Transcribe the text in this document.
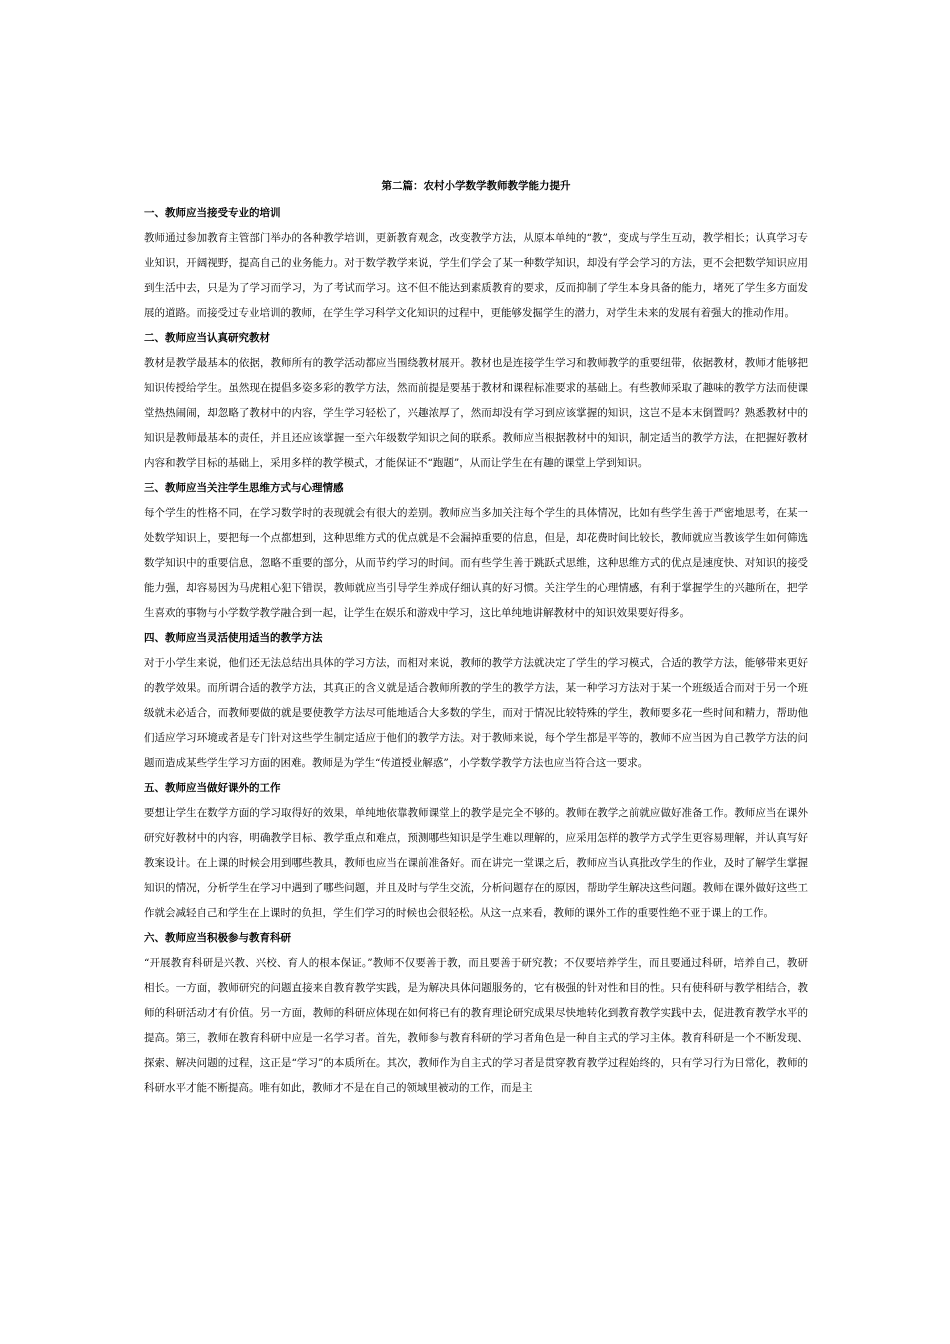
第二篇：农村小学数学教师教学能力提升
一、教师应当接受专业的培训

教师通过参加教育主管部门举办的各种教学培训，更新教育观念，改变教学方法，从原本单纯的“教”，变成与学生互动，教学相长；认真学习专业知识，开阔视野，提高自己的业务能力。对于数学教学来说，学生们学会了某一种数学知识，却没有学会学习的方法，更不会把数学知识应用到生活中去，只是为了学习而学习，为了考试而学习。这不但不能达到素质教育的要求，反而抑制了学生本身具备的能力，堵死了学生多方面发展的道路。而接受过专业培训的教师，在学生学习科学文化知识的过程中，更能够发掘学生的潜力，对学生未来的发展有着强大的推动作用。

二、教师应当认真研究教材

教材是教学最基本的依据，教师所有的教学活动都应当围绕教材展开。教材也是连接学生学习和教师教学的重要纽带，依据教材，教师才能够把知识传授给学生。虽然现在提倡多姿多彩的教学方法，然而前提是要基于教材和课程标准要求的基础上。有些教师采取了趣味的教学方法而使课堂热热闹闹，却忽略了教材中的内容，学生学习轻松了，兴趣浓厚了，然而却没有学习到应该掌握的知识，这岂不是本末倒置吗？熟悉教材中的知识是教师最基本的责任，并且还应该掌握一至六年级数学知识之间的联系。教师应当根据教材中的知识，制定适当的教学方法，在把握好教材内容和教学目标的基础上，采用多样的教学模式，才能保证不“跑题”，从而让学生在有趣的课堂上学到知识。

三、教师应当关注学生思维方式与心理情感

每个学生的性格不同，在学习数学时的表现就会有很大的差别。教师应当多加关注每个学生的具体情况，比如有些学生善于严密地思考，在某一处数学知识上，要把每一个点都想到，这种思维方式的优点就是不会漏掉重要的信息，但是，却花费时间比较长，教师就应当教该学生如何筛选数学知识中的重要信息，忽略不重要的部分，从而节约学习的时间。而有些学生善于跳跃式思维，这种思维方式的优点是速度快、对知识的接受能力强，却容易因为马虎粗心犯下错误，教师就应当引导学生养成仔细认真的好习惯。关注学生的心理情感，有利于掌握学生的兴趣所在，把学生喜欢的事物与小学数学教学融合到一起，让学生在娱乐和游戏中学习，这比单纯地讲解教材中的知识效果要好得多。

四、教师应当灵活使用适当的教学方法

对于小学生来说，他们还无法总结出具体的学习方法，而相对来说，教师的教学方法就决定了学生的学习模式，合适的教学方法，能够带来更好的教学效果。而所谓合适的教学方法，其真正的含义就是适合教师所教的学生的教学方法，某一种学习方法对于某一个班级适合而对于另一个班级就未必适合，而教师要做的就是要使教学方法尽可能地适合大多数的学生，而对于情况比较特殊的学生，教师要多花一些时间和精力，帮助他们适应学习环境或者是专门针对这些学生制定适应于他们的教学方法。对于教师来说，每个学生都是平等的，教师不应当因为自己教学方法的问题而造成某些学生学习方面的困难。教师是为学生“传道授业解惑”，小学数学教学方法也应当符合这一要求。

五、教师应当做好课外的工作

要想让学生在数学方面的学习取得好的效果，单纯地依靠教师课堂上的教学是完全不够的。教师在教学之前就应做好准备工作。教师应当在课外研究好教材中的内容，明确教学目标、教学重点和难点，预测哪些知识是学生难以理解的，应采用怎样的教学方式学生更容易理解，并认真写好教案设计。在上课的时候会用到哪些教具，教师也应当在课前准备好。而在讲完一堂课之后，教师应当认真批改学生的作业，及时了解学生掌握知识的情况，分析学生在学习中遇到了哪些问题，并且及时与学生交流，分析问题存在的原因，帮助学生解决这些问题。教师在课外做好这些工作就会减轻自己和学生在上课时的负担，学生们学习的时候也会很轻松。从这一点来看，教师的课外工作的重要性绝不亚于课上的工作。

六、教师应当积极参与教育科研

“开展教育科研是兴教、兴校、育人的根本保证。”教师不仅要善于教，而且要善于研究教；不仅要培养学生，而且要通过科研，培养自己，教研相长。一方面，教师研究的问题直接来自教育教学实践，是为解决具体问题服务的，它有极强的针对性和目的性。只有使科研与教学相结合，教师的科研活动才有价值。另一方面，教师的科研应体现在如何将已有的教育理论研究成果尽快地转化到教育教学实践中去，促进教育教学水平的提高。第三，教师在教育科研中应是一名学习者。首先，教师参与教育科研的学习者角色是一种自主式的学习主体。教育科研是一个不断发现、探索、解决问题的过程，这正是“学习”的本质所在。其次，教师作为自主式的学习者是贯穿教育教学过程始终的，只有学习行为日常化，教师的科研水平才能不断提高。唯有如此，教师才不是在自己的领域里被动的工作，而是主
